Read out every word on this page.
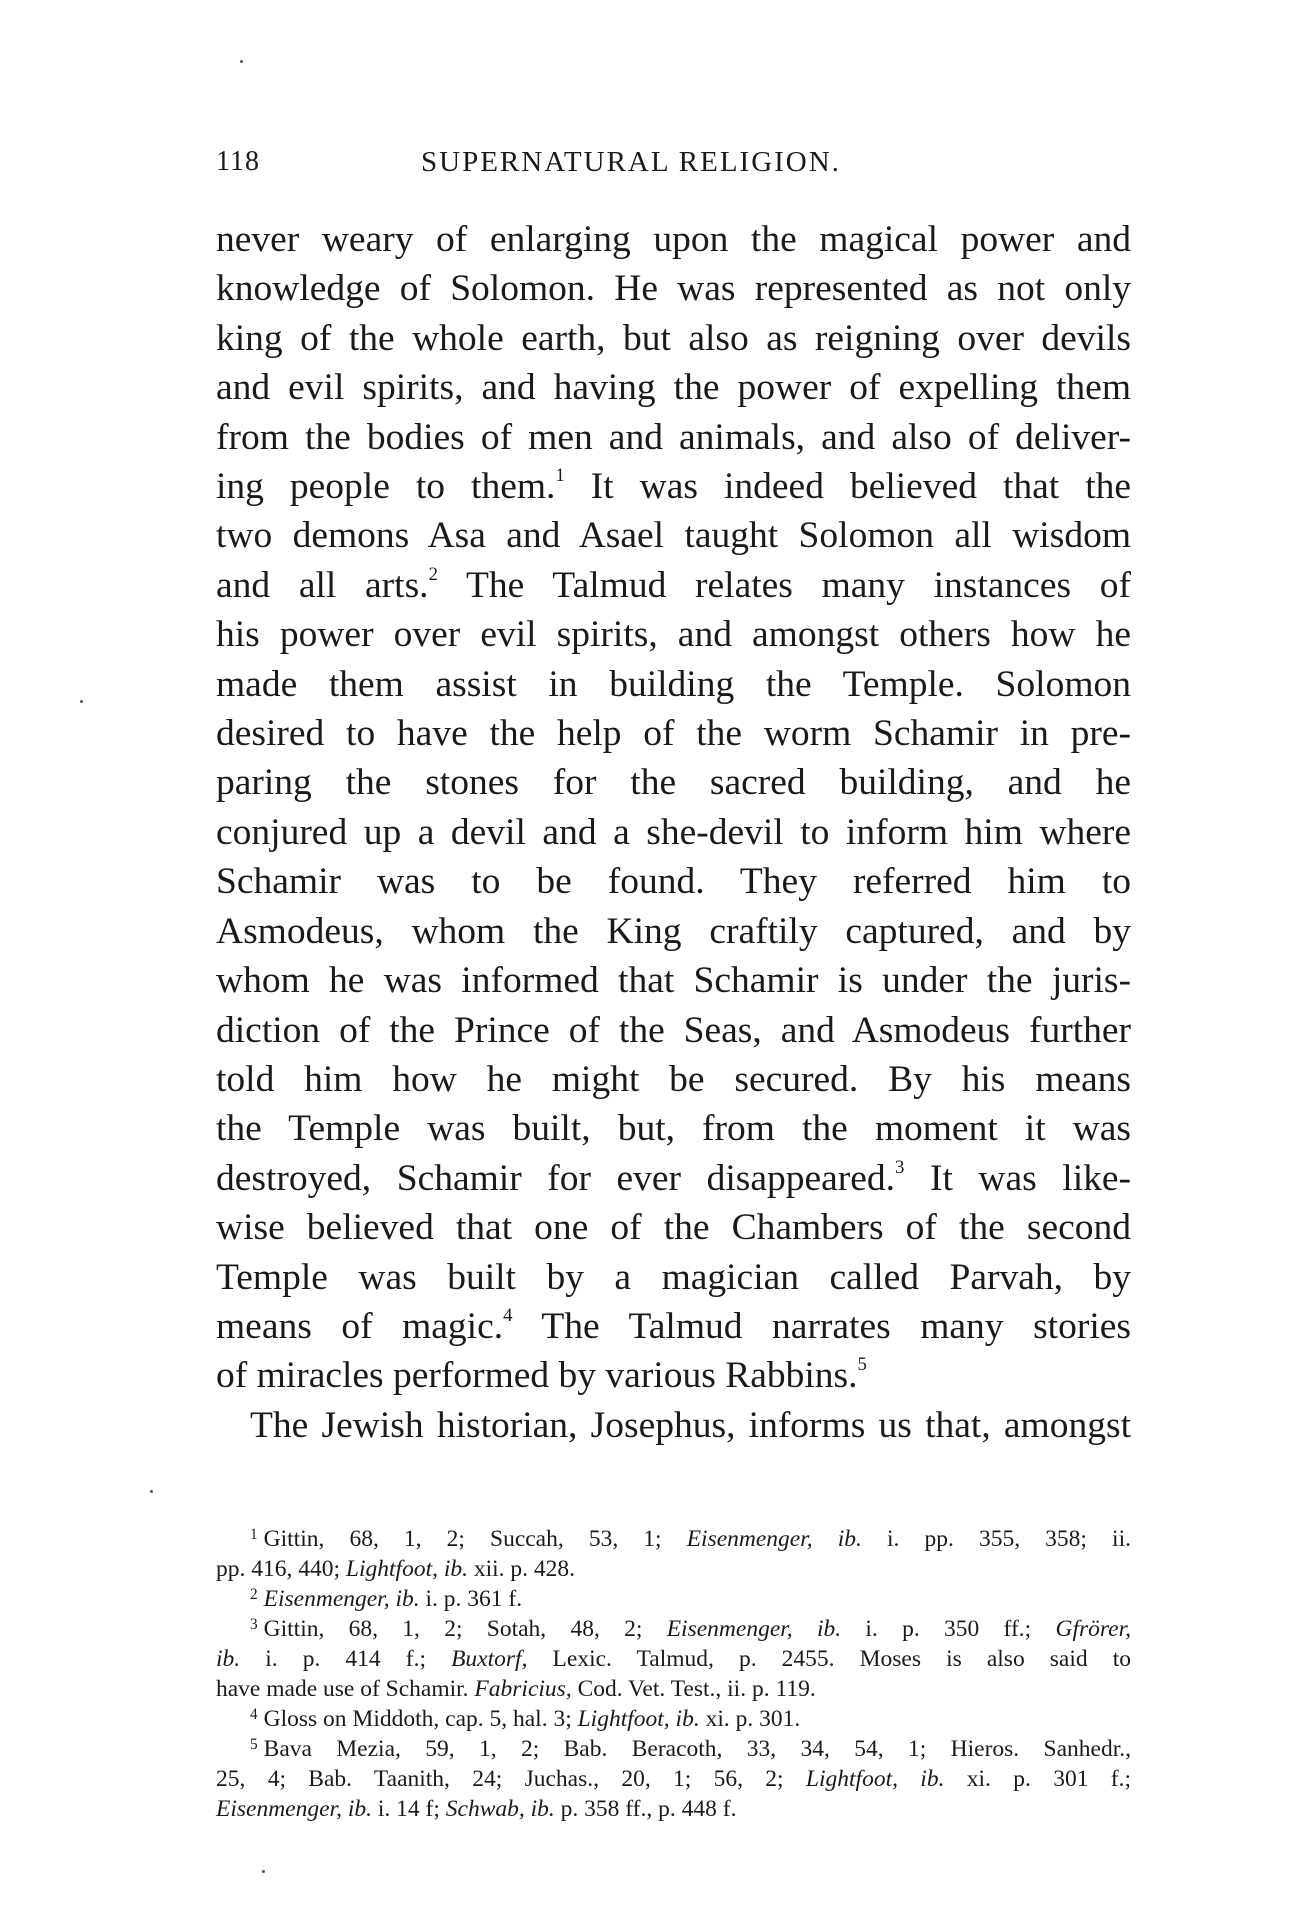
118	SUPERNATURAL RELIGION.
never weary of enlarging upon the magical power and
knowledge of Solomon. He was represented as not only
king of the whole earth, but also as reigning over devils
and evil spirits, and having the power of expelling them
from the bodies of men and animals, and also of deliver-
ing people to them.$^1$ It was indeed believed that the
two demons Asa and Asael taught Solomon all wisdom
and all arts.$^2$ The Talmud relates many instances of
his power over evil spirits, and amongst others how he
made them assist in building the Temple. Solomon
desired to have the help of the worm Schamir in pre-
paring the stones for the sacred building, and he
conjured up a devil and a she-devil to inform him where
Schamir was to be found. They referred him to
Asmodeus, whom the King craftily captured, and by
whom he was informed that Schamir is under the juris-
diction of the Prince of the Seas, and Asmodeus further
told him how he might be secured. By his means
the Temple was built, but, from the moment it was
destroyed, Schamir for ever disappeared.$^3$ It was like-
wise believed that one of the Chambers of the second
Temple was built by a magician called Parvah, by
means of magic.$^4$ The Talmud narrates many stories
of miracles performed by various Rabbins.$^5$
The Jewish historian, Josephus, informs us that, amongst
$^1$ Gittin, 68, 1, 2; Succah, 53, 1; Eisenmenger, ib. i. pp. 355, 358; ii.
pp. 416, 440; Lightfoot, ib. xii. p. 428.
$^2$ Eisenmenger, ib. i. p. 361 f.
$^3$ Gittin, 68, 1, 2; Sotah, 48, 2; Eisenmenger, ib. i. p. 350 ff.; Gfrörer,
ib. i. p. 414 f.; Buxtorf, Lexic. Talmud, p. 2455. Moses is also said to
have made use of Schamir. Fabricius, Cod. Vet. Test., ii. p. 119.
$^4$ Gloss on Middoth, cap. 5, hal. 3; Lightfoot, ib. xi. p. 301.
$^5$ Bava Mezia, 59, 1, 2; Bab. Beracoth, 33, 34, 54, 1; Hieros. Sanhedr.,
25, 4; Bab. Taanith, 24; Juchas., 20, 1; 56, 2; Lightfoot, ib. xi. p. 301 f.;
Eisenmenger, ib. i. 14 f; Schwab, ib. p. 358 ff., p. 448 f.
